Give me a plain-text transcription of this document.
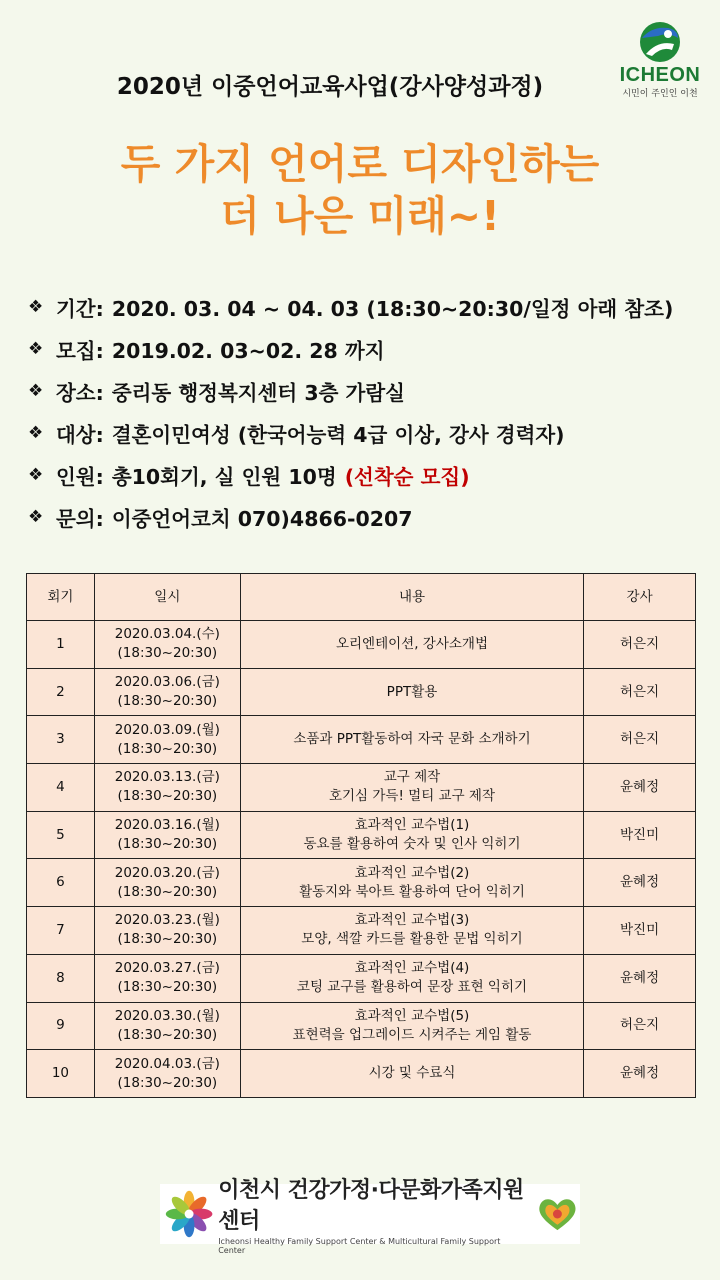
ICHEON
시민이 주인인 이천
2020년 이중언어교육사업(강사양성과정)
두 가지 언어로 디자인하는
더 나은 미래~!
❖ 기간: 2020. 03. 04 ~ 04. 03 (18:30~20:30/일정 아래 참조)
❖ 모집: 2019.02. 03~02. 28 까지
❖ 장소: 중리동 행정복지센터 3층 가람실
❖ 대상: 결혼이민여성 (한국어능력 4급 이상, 강사 경력자)
❖ 인원: 총10회기, 실 인원 10명 (선착순 모집)
❖ 문의: 이중언어코치 070)4866-0207
회기	일시	내용	강사
1	2020.03.04.(수)
(18:30~20:30)	오리엔테이션, 강사소개법	허은지
2	2020.03.06.(금)
(18:30~20:30)	PPT활용	허은지
3	2020.03.09.(월)
(18:30~20:30)	소품과 PPT활동하여 자국 문화 소개하기	허은지
4	2020.03.13.(금)
(18:30~20:30)	교구 제작
호기심 가득! 멀티 교구 제작	윤혜정
5	2020.03.16.(월)
(18:30~20:30)	효과적인 교수법(1)
동요를 활용하여 숫자 및 인사 익히기	박진미
6	2020.03.20.(금)
(18:30~20:30)	효과적인 교수법(2)
활동지와 북아트 활용하여 단어 익히기	윤혜정
7	2020.03.23.(월)
(18:30~20:30)	효과적인 교수법(3)
모양, 색깔 카드를 활용한 문법 익히기	박진미
8	2020.03.27.(금)
(18:30~20:30)	효과적인 교수법(4)
코팅 교구를 활용하여 문장 표현 익히기	윤혜정
9	2020.03.30.(월)
(18:30~20:30)	효과적인 교수법(5)
표현력을 업그레이드 시켜주는 게임 활동	허은지
10	2020.04.03.(금)
(18:30~20:30)	시강 및 수료식	윤혜정
이천시 건강가정·다문화가족지원센터
Icheonsi Healthy Family Support Center & Multicultural Family Support Center
